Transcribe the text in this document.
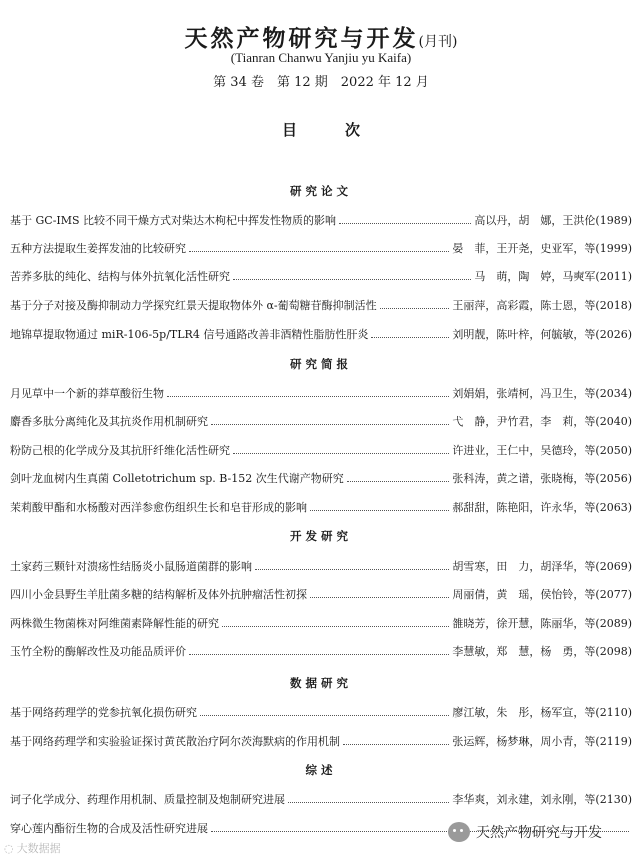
天然产物研究与开发(月刊)
(Tianran Chanwu Yanjiu yu Kaifa)
第 34 卷　第 12 期　2022 年 12 月
目次
研究论文
基于 GC-IMS 比较不同干燥方式对柴达木枸杞中挥发性物质的影响	高以丹，胡　娜，王洪伦 (1989)
五种方法提取生姜挥发油的比较研究	晏　菲，王开尧，史亚军，等 (1999)
苦荞多肽的纯化、结构与体外抗氧化活性研究	马　萌，陶　婷，马奭军 (2011)
基于分子对接及酶抑制动力学探究红景天提取物体外 α-葡萄糖苷酶抑制活性	王丽萍，高彩霞，陈士恩，等 (2018)
地锦草提取物通过 miR-106-5p/TLR4 信号通路改善非酒精性脂肪性肝炎	刘明靓，陈叶梓，何毓敏，等 (2026)
研究简报
月见草中一个新的莽草酸衍生物	刘娟娟，张靖柯，冯卫生，等 (2034)
麝香多肽分离纯化及其抗炎作用机制研究	弋　静，尹竹君，李　莉，等 (2040)
粉防己根的化学成分及其抗肝纤维化活性研究	许进业，王仁中，吴德玲，等 (2050)
剑叶龙血树内生真菌 Colletotrichum sp. B-152 次生代谢产物研究	张科涛，黄之谱，张晓梅，等 (2056)
茉莉酸甲酯和水杨酸对西洋参愈伤组织生长和皂苷形成的影响	郝甜甜，陈艳阳，许永华，等 (2063)
开发研究
土家药三颗针对溃疡性结肠炎小鼠肠道菌群的影响	胡雪寒，田　力，胡泽华，等 (2069)
四川小金县野生羊肚菌多糖的结构解析及体外抗肿瘤活性初探	周丽倩，黄　瑶，侯怡铃，等 (2077)
两株微生物菌株对阿维菌素降解性能的研究	雒晓芳，徐开慧，陈丽华，等 (2089)
玉竹全粉的酶解改性及功能品质评价	李慧敏，郑　慧，杨　勇，等 (2098)
数据研究
基于网络药理学的党参抗氧化损伤研究	廖江敏，朱　彤，杨军宣，等 (2110)
基于网络药理学和实验验证探讨黄芪散治疗阿尔茨海默病的作用机制	张运辉，杨梦琳，周小青，等 (2119)
综述
诃子化学成分、药理作用机制、质量控制及炮制研究进展	李华爽，刘永建，刘永刚，等 (2130)
穿心莲内酯衍生物的合成及活性研究进展
◌ 大数据据
天然产物研究与开发
